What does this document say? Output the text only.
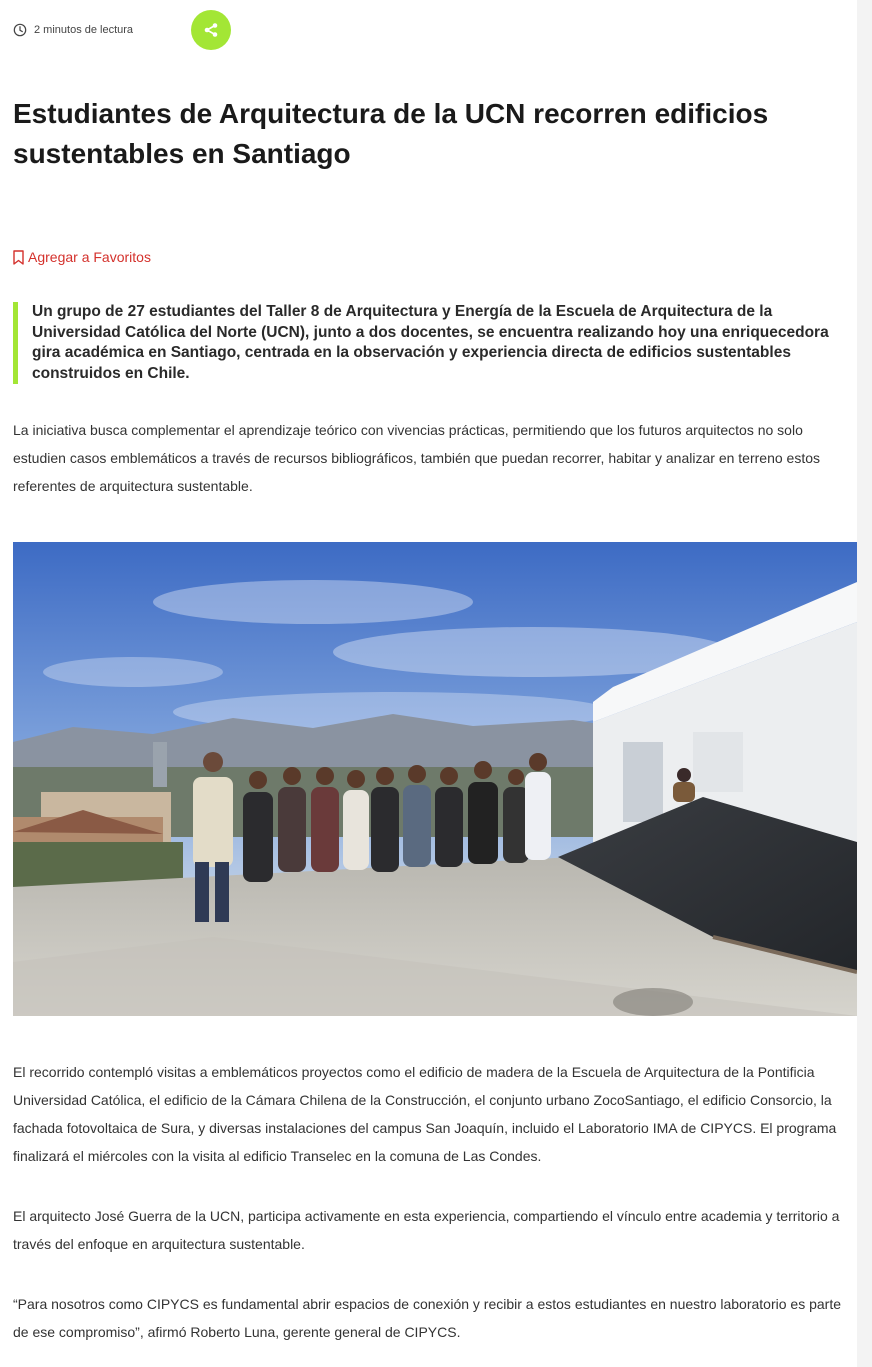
2 minutos de lectura
Estudiantes de Arquitectura de la UCN recorren edificios sustentables en Santiago
Agregar a Favoritos
Un grupo de 27 estudiantes del Taller 8 de Arquitectura y Energía de la Escuela de Arquitectura de la Universidad Católica del Norte (UCN), junto a dos docentes, se encuentra realizando hoy una enriquecedora gira académica en Santiago, centrada en la observación y experiencia directa de edificios sustentables construidos en Chile.

La iniciativa busca complementar el aprendizaje teórico con vivencias prácticas, permitiendo que los futuros arquitectos no solo estudien casos emblemáticos a través de recursos bibliográficos, también que puedan recorrer, habitar y analizar en terreno estos referentes de arquitectura sustentable.

El recorrido contempló visitas a emblemáticos proyectos como el edificio de madera de la Escuela de Arquitectura de la Pontificia Universidad Católica, el edificio de la Cámara Chilena de la Construcción, el conjunto urbano ZocoSantiago, el edificio Consorcio, la fachada fotovoltaica de Sura, y diversas instalaciones del campus San Joaquín, incluido el Laboratorio IMA de CIPYCS. El programa finalizará el miércoles con la visita al edificio Transelec en la comuna de Las Condes.

El arquitecto José Guerra de la UCN, participa activamente en esta experiencia, compartiendo el vínculo entre academia y territorio a través del enfoque en arquitectura sustentable.

“Para nosotros como CIPYCS es fundamental abrir espacios de conexión y recibir a estos estudiantes en nuestro laboratorio es parte de ese compromiso”, afirmó Roberto Luna, gerente general de CIPYCS.
